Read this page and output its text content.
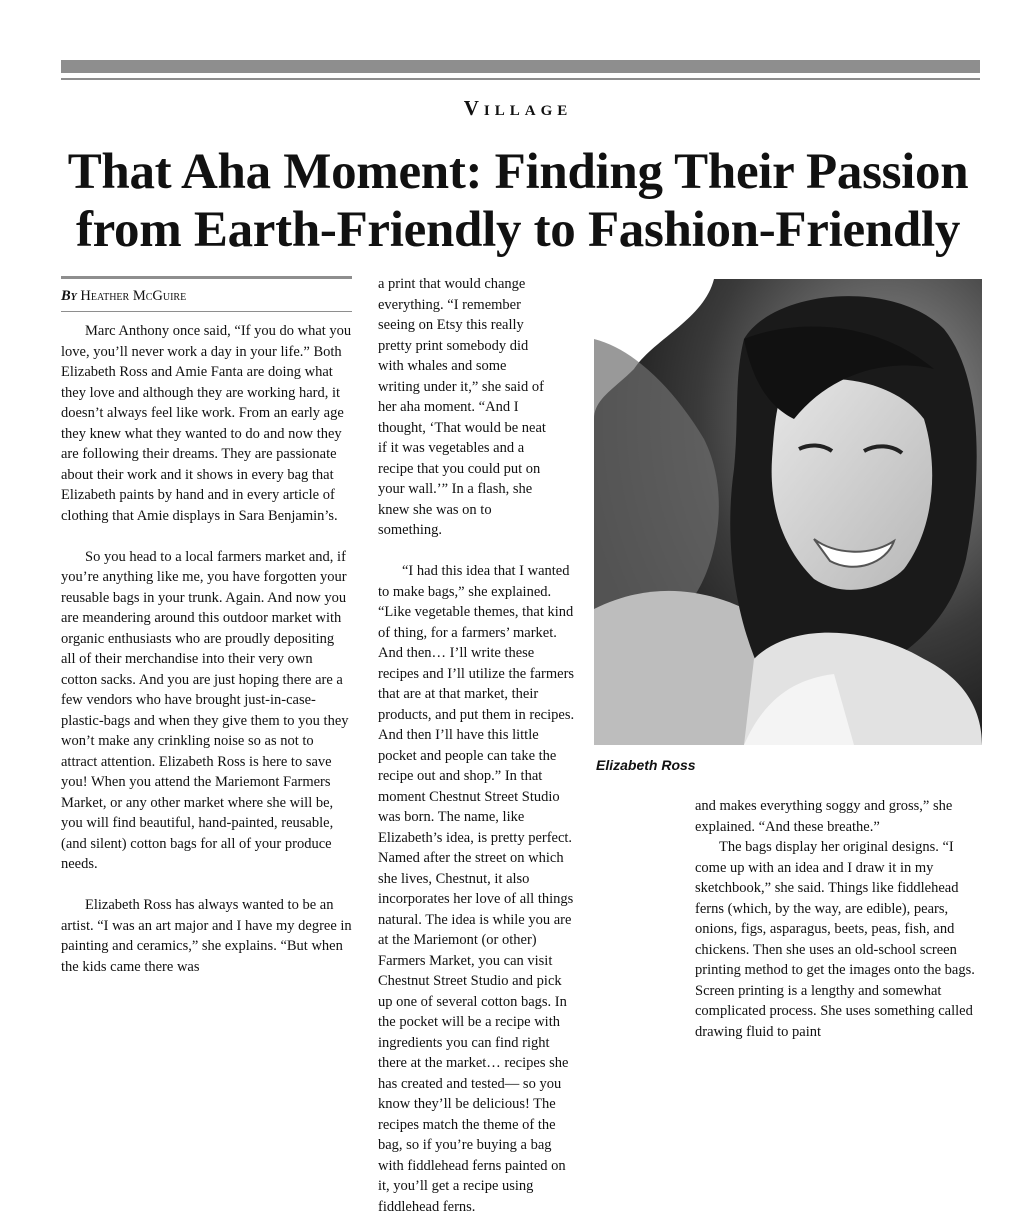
Village
That Aha Moment: Finding Their Passion from Earth-Friendly to Fashion-Friendly
By Heather McGuire

Marc Anthony once said, “If you do what you love, you’ll never work a day in your life.” Both Elizabeth Ross and Amie Fanta are doing what they love and although they are working hard, it doesn’t always feel like work. From an early age they knew what they wanted to do and now they are following their dreams. They are passionate about their work and it shows in every bag that Elizabeth paints by hand and in every article of clothing that Amie displays in Sara Benjamin’s.

So you head to a local farmers market and, if you’re anything like me, you have forgotten your reusable bags in your trunk. Again. And now you are meandering around this outdoor market with organic enthusiasts who are proudly depositing all of their merchandise into their very own cotton sacks. And you are just hoping there are a few vendors who have brought just-in-case-plastic-bags and when they give them to you they won’t make any crinkling noise so as not to attract attention. Elizabeth Ross is here to save you! When you attend the Mariemont Farmers Market, or any other market where she will be, you will find beautiful, hand-painted, reusable, (and silent) cotton bags for all of your produce needs.

Elizabeth Ross has always wanted to be an artist. “I was an art major and I have my degree in painting and ceramics,” she explains. “But when the kids came there was

a print that would change everything. “I remember seeing on Etsy this really pretty print somebody did with whales and some writing under it,” she said of her aha moment. “And I thought, ‘That would be neat if it was vegetables and a recipe that you could put on your wall.’” In a flash, she knew she was on to something.

“I had this idea that I wanted to make bags,” she explained. “Like vegetable themes, that kind of thing, for a farmers’ market. And then… I’ll write these recipes and I’ll utilize the farmers that are at that market, their products, and put them in recipes. And then I’ll have this little pocket and people can take the recipe out and shop.” In that moment Chestnut Street Studio was born. The name, like Elizabeth’s idea, is pretty perfect. Named after the street on which she lives, Chestnut, it also incorporates her love of all things natural. The idea is while you are at the Mariemont (or other) Farmers Market, you can visit Chestnut Street Studio and pick up one of several cotton bags. In the pocket will be a recipe with ingredients you can find right there at the market… recipes she has created and tested— so you know they’ll be delicious! The recipes match the theme of the bag, so if you’re buying a bag with fiddlehead ferns painted on it, you’ll get a recipe using fiddlehead ferns.

Elizabeth Ross

and makes everything soggy and gross,” she explained. “And these breathe.”

The bags display her original designs. “I come up with an idea and I draw it in my sketchbook,” she said. Things like fiddlehead ferns (which, by the way, are edible), pears, onions, figs, asparagus, beets, peas, fish, and chickens. Then she uses an old-school screen printing method to get the images onto the bags. Screen printing is a lengthy and somewhat complicated process. She uses something called drawing fluid to paint
